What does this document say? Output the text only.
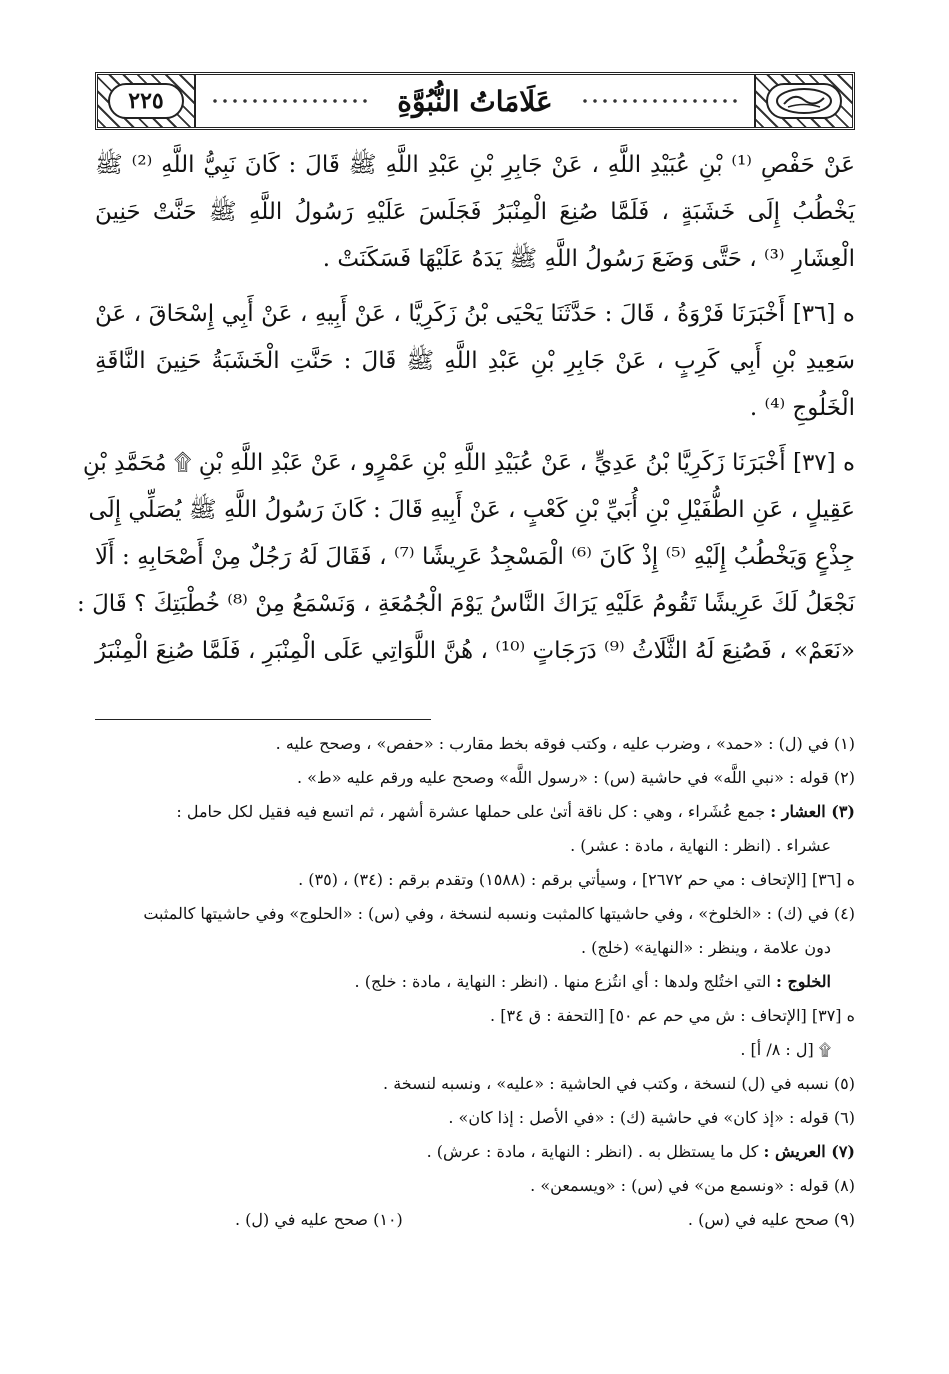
عَلَامَاتُ النُّبُوَّةِ
٢٢٥
عَنْ حَفْصِ ⁽¹⁾ بْنِ عُبَيْدِ اللَّهِ ، عَنْ جَابِرِ بْنِ عَبْدِ اللَّهِ ﷺ قَالَ : كَانَ نَبِيُّ اللَّهِ ⁽²⁾ ﷺ
يَخْطُبُ إِلَى خَشَبَةٍ ، فَلَمَّا صُنِعَ الْمِنْبَرُ فَجَلَسَ عَلَيْهِ رَسُولُ اللَّهِ ﷺ حَنَّتْ حَنِينَ
الْعِشَارِ ⁽³⁾ ، حَتَّى وَضَعَ رَسُولُ اللَّهِ ﷺ يَدَهُ عَلَيْهَا فَسَكَنَتْ .
ه [٣٦] أَخْبَرَنَا فَرْوَةُ ، قَالَ : حَدَّثَنَا يَحْيَى بْنُ زَكَرِيَّا ، عَنْ أَبِيهِ ، عَنْ أَبِي إِسْحَاقَ ، عَنْ
سَعِيدِ بْنِ أَبِي كَرِبٍ ، عَنْ جَابِرِ بْنِ عَبْدِ اللَّهِ ﷺ قَالَ : حَنَّتِ الْخَشَبَةُ حَنِينَ النَّاقَةِ
الْخَلُوجِ ⁽⁴⁾ .
ه [٣٧] أَخْبَرَنَا زَكَرِيَّا بْنُ عَدِيٍّ ، عَنْ عُبَيْدِ اللَّهِ بْنِ عَمْرٍو ، عَنْ عَبْدِ اللَّهِ بْنِ ۩ مُحَمَّدِ بْنِ
عَقِيلٍ ، عَنِ الطُّفَيْلِ بْنِ أُبَيِّ بْنِ كَعْبٍ ، عَنْ أَبِيهِ قَالَ : كَانَ رَسُولُ اللَّهِ ﷺ يُصَلِّي إِلَى
جِذْعٍ وَيَخْطُبُ إِلَيْهِ ⁽⁵⁾ إِذْ كَانَ ⁽⁶⁾ الْمَسْجِدُ عَرِيشًا ⁽⁷⁾ ، فَقَالَ لَهُ رَجُلٌ مِنْ أَصْحَابِهِ : أَلَا
نَجْعَلُ لَكَ عَرِيشًا تَقُومُ عَلَيْهِ يَرَاكَ النَّاسُ يَوْمَ الْجُمُعَةِ ، وَنَسْمَعُ مِنْ ⁽⁸⁾ خُطْبَتِكَ ؟ قَالَ :
«نَعَمْ» ، فَصُنِعَ لَهُ الثَّلَاثُ ⁽⁹⁾ دَرَجَاتٍ ⁽¹⁰⁾ ، هُنَّ اللَّوَاتِي عَلَى الْمِنْبَرِ ، فَلَمَّا صُنِعَ الْمِنْبَرُ
(١) في (ل) : «حمد» ، وضرب عليه ، وكتب فوقه بخط مقارب : «حفص» ، وصحح عليه .
(٢) قوله : «نبي اللَّه» في حاشية (س) : «رسول اللَّه» وصحح عليه ورقم عليه «ط» .
(٣) العشار : جمع عُشَراء ، وهي : كل ناقة أتىٰ على حملها عشرة أشهر ، ثم اتسع فيه فقيل لكل حامل :
عشراء . (انظر : النهاية ، مادة : عشر) .
ه [٣٦] [الإتحاف : مي حم ٢٦٧٢] ، وسيأتي برقم : (١٥٨٨) وتقدم برقم : (٣٤) ، (٣٥) .
(٤) في (ك) : «الخلوخ» ، وفي حاشيتها كالمثبت ونسبه لنسخة ، وفي (س) : «الحلوج» وفي حاشيتها كالمثبت
دون علامة ، وينظر : «النهاية» (خلج) .
الخلوج : التي اختُلج ولدها : أي انتُزع منها . (انظر : النهاية ، مادة : خلج) .
ه [٣٧] [الإتحاف : ش مي حم عم ٥٠] [التحفة : ق ٣٤] .
۩ [ل : ٨/ أ] .
(٥) نسبه في (ل) لنسخة ، وكتب في الحاشية : «عليه» ، ونسبه لنسخة .
(٦) قوله : «إذ كان» في حاشية (ك) : «في الأصل : إذا كان» .
(٧) العريش : كل ما يستظل به . (انظر : النهاية ، مادة : عرش) .
(٨) قوله : «ونسمع من» في (س) : «ويسمعن» .
(٩) صحح عليه في (س) .
(١٠) صحح عليه في (ل) .
